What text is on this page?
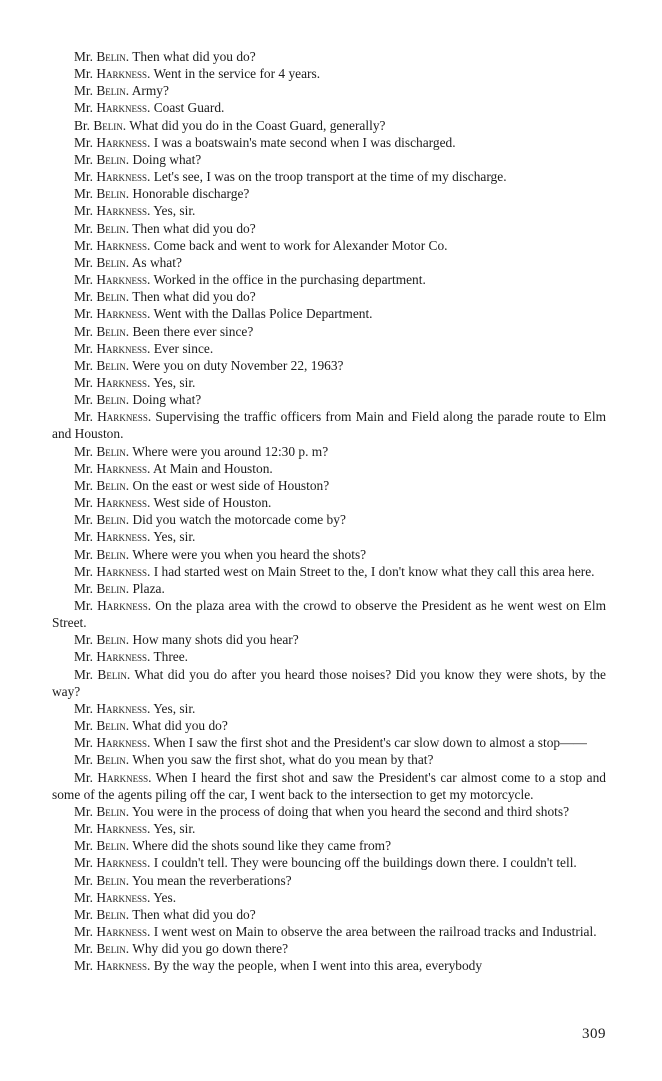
Mr. Belin. Then what did you do?

Mr. Harkness. Went in the service for 4 years.

Mr. Belin. Army?

Mr. Harkness. Coast Guard.

Br. Belin. What did you do in the Coast Guard, generally?

Mr. Harkness. I was a boatswain's mate second when I was discharged.

Mr. Belin. Doing what?

Mr. Harkness. Let's see, I was on the troop transport at the time of my discharge.

Mr. Belin. Honorable discharge?

Mr. Harkness. Yes, sir.

Mr. Belin. Then what did you do?

Mr. Harkness. Come back and went to work for Alexander Motor Co.

Mr. Belin. As what?

Mr. Harkness. Worked in the office in the purchasing department.

Mr. Belin. Then what did you do?

Mr. Harkness. Went with the Dallas Police Department.

Mr. Belin. Been there ever since?

Mr. Harkness. Ever since.

Mr. Belin. Were you on duty November 22, 1963?

Mr. Harkness. Yes, sir.

Mr. Belin. Doing what?

Mr. Harkness. Supervising the traffic officers from Main and Field along the parade route to Elm and Houston.

Mr. Belin. Where were you around 12:30 p. m?

Mr. Harkness. At Main and Houston.

Mr. Belin. On the east or west side of Houston?

Mr. Harkness. West side of Houston.

Mr. Belin. Did you watch the motorcade come by?

Mr. Harkness. Yes, sir.

Mr. Belin. Where were you when you heard the shots?

Mr. Harkness. I had started west on Main Street to the, I don't know what they call this area here.

Mr. Belin. Plaza.

Mr. Harkness. On the plaza area with the crowd to observe the President as he went west on Elm Street.

Mr. Belin. How many shots did you hear?

Mr. Harkness. Three.

Mr. Belin. What did you do after you heard those noises? Did you know they were shots, by the way?

Mr. Harkness. Yes, sir.

Mr. Belin. What did you do?

Mr. Harkness. When I saw the first shot and the President's car slow down to almost a stop——

Mr. Belin. When you saw the first shot, what do you mean by that?

Mr. Harkness. When I heard the first shot and saw the President's car almost come to a stop and some of the agents piling off the car, I went back to the intersection to get my motorcycle.

Mr. Belin. You were in the process of doing that when you heard the second and third shots?

Mr. Harkness. Yes, sir.

Mr. Belin. Where did the shots sound like they came from?

Mr. Harkness. I couldn't tell. They were bouncing off the buildings down there. I couldn't tell.

Mr. Belin. You mean the reverberations?

Mr. Harkness. Yes.

Mr. Belin. Then what did you do?

Mr. Harkness. I went west on Main to observe the area between the railroad tracks and Industrial.

Mr. Belin. Why did you go down there?

Mr. Harkness. By the way the people, when I went into this area, everybody

309
